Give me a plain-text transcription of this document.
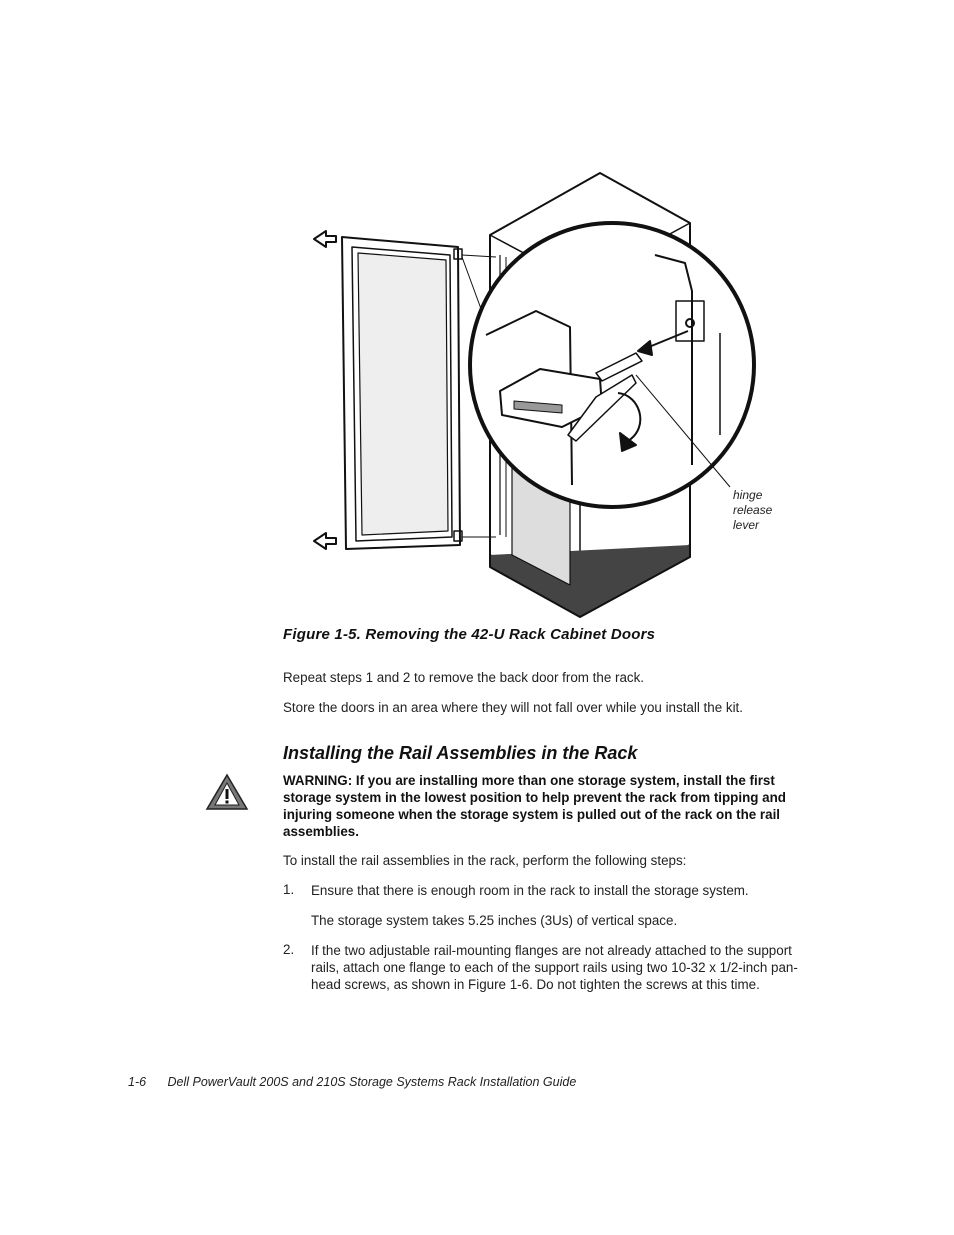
hinge
release
lever
Figure 1-5. Removing the 42-U Rack Cabinet Doors
Repeat steps 1 and 2 to remove the back door from the rack.
Store the doors in an area where they will not fall over while you install the kit.
Installing the Rail Assemblies in the Rack
WARNING: If you are installing more than one storage system, install the first storage system in the lowest position to help prevent the rack from tipping and injuring someone when the storage system is pulled out of the rack on the rail assemblies.
To install the rail assemblies in the rack, perform the following steps:
1. Ensure that there is enough room in the rack to install the storage system.
The storage system takes 5.25 inches (3Us) of vertical space.
2. If the two adjustable rail-mounting flanges are not already attached to the support rails, attach one flange to each of the support rails using two 10-32 x 1/2-inch pan-head screws, as shown in Figure 1-6. Do not tighten the screws at this time.
1-6 Dell PowerVault 200S and 210S Storage Systems Rack Installation Guide
